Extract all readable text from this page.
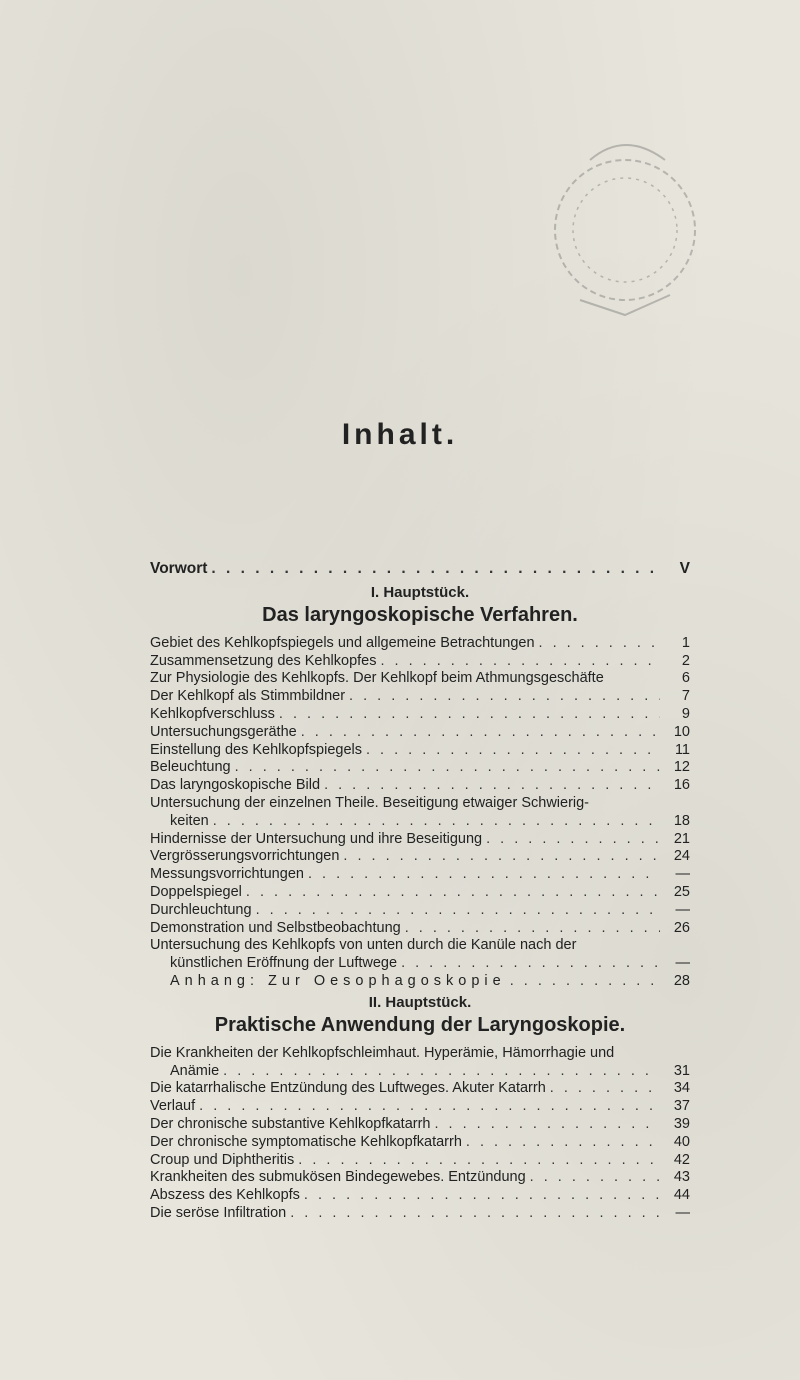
Inhalt.
Vorwort . . .	V
I. Hauptstück.
Das laryngoskopische Verfahren.
Gebiet des Kehlkopfspiegels und allgemeine Betrachtungen . . .	1
Zusammensetzung des Kehlkopfes . . .	2
Zur Physiologie des Kehlkopfs. Der Kehlkopf beim Athmungsgeschäfte	6
Der Kehlkopf als Stimmbildner . . .	7
Kehlkopfverschluss . . .	9
Untersuchungsgeräthe . . .	10
Einstellung des Kehlkopfspiegels . . .	11
Beleuchtung . . .	12
Das laryngoskopische Bild . . .	16
Untersuchung der einzelnen Theile. Beseitigung etwaiger Schwierig-
keiten . . .	18
Hindernisse der Untersuchung und ihre Beseitigung . . .	21
Vergrösserungsvorrichtungen . . .	24
Messungsvorrichtungen . . .	—
Doppelspiegel . . .	25
Durchleuchtung . . .	—
Demonstration und Selbstbeobachtung . . .	26
Untersuchung des Kehlkopfs von unten durch die Kanüle nach der
künstlichen Eröffnung der Luftwege . . .	—
Anhang: Zur Oesophagoskopie . . .	28
II. Hauptstück.
Praktische Anwendung der Laryngoskopie.
Die Krankheiten der Kehlkopfschleimhaut. Hyperämie, Hämorrhagie und
Anämie . . .	31
Die katarrhalische Entzündung des Luftweges. Akuter Katarrh . . .	34
Verlauf . . .	37
Der chronische substantive Kehlkopfkatarrh . . .	39
Der chronische symptomatische Kehlkopfkatarrh . . .	40
Croup und Diphtheritis . . .	42
Krankheiten des submukösen Bindegewebes. Entzündung . . .	43
Abszess des Kehlkopfs . . .	44
Die seröse Infiltration . . .	—
